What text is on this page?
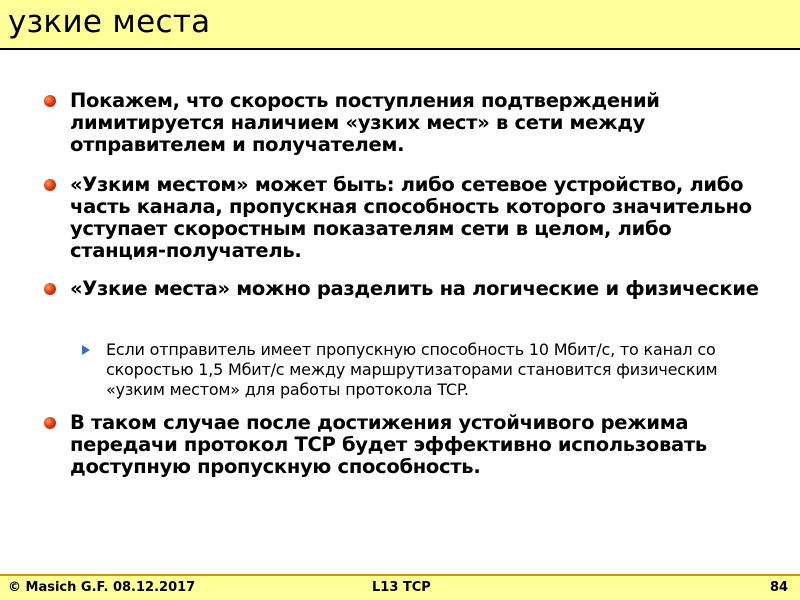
узкие места
Покажем, что скорость поступления подтверждений лимитируется наличием «узких мест» в сети между отправителем и получателем.
«Узким местом» может быть: либо сетевое устройство, либо часть канала, пропускная способность которого значительно уступает скоростным показателям сети в целом, либо станция-получатель.
«Узкие места» можно разделить на логические и физические
Если отправитель имеет пропускную способность 10 Мбит/с, то канал со скоростью 1,5 Мбит/с между маршрутизаторами становится физическим «узким местом» для работы протокола TCP.
В таком случае после достижения устойчивого режима передачи протокол TCP будет эффективно использовать доступную пропускную способность.
© Masich G.F. 08.12.2017	L13 TCP	84
